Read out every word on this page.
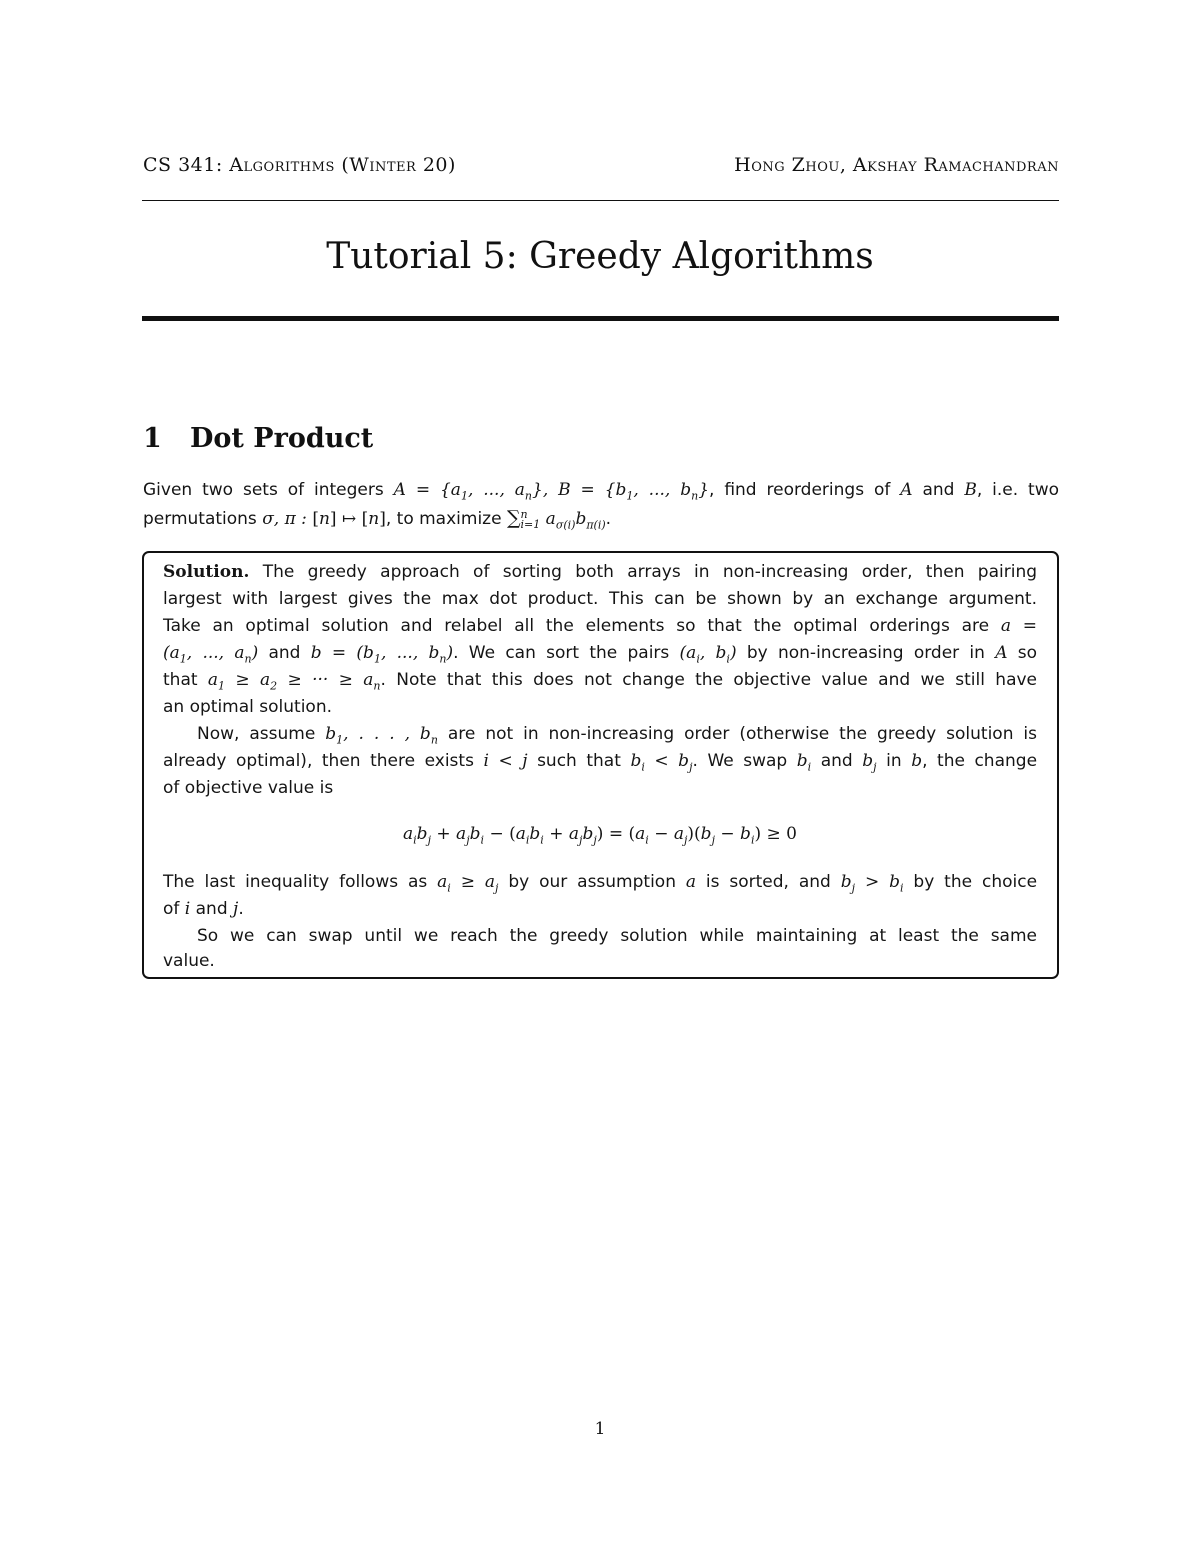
CS 341: Algorithms (Winter 20)	Hong Zhou, Akshay Ramachandran
Tutorial 5: Greedy Algorithms
1 Dot Product
Given two sets of integers $A = \{a_1$, ..., $a_n$}, $B = \{b_1$, ..., $b_n$}, find reorderings of A and B, i.e. two
permutations σ, π : [n] ↦ [n], to maximize ∑ n
i=1 $a_{\sigma(i)}b_{\pi(i)}$.
Solution. The greedy approach of sorting both arrays in non-increasing order, then pairing
largest with largest gives the max dot product. This can be shown by an exchange argument.
Take an optimal solution and relabel all the elements so that the optimal orderings are a =
($a_1$, ..., $a_n$) and $b = (b_1$, ..., $b_n$). We can sort the pairs ($a_i$, $b_i$) by non-increasing order in A so
that $a_1 \ge a_2$ ≥ ··· ≥ $a_n$. Note that this does not change the objective value and we still have
an optimal solution.
Now, assume $b_1$, . . . , $b_n$ are not in non-increasing order (otherwise the greedy solution is
already optimal), then there exists i < j such that $b_i < b_j$. We swap $b_i$ and $b_j$ in b, the change
of objective value is
$a_ib_j + a_jb_i - (a_ib_i + a_jb_j) = (a_i - a_j)(b_j - b_i) \ge 0$
The last inequality follows as $a_i \ge a_j$ by our assumption a is sorted, and $b_j > b_i$ by the choice
of i and j.
So we can swap until we reach the greedy solution while maintaining at least the same
value.
1
